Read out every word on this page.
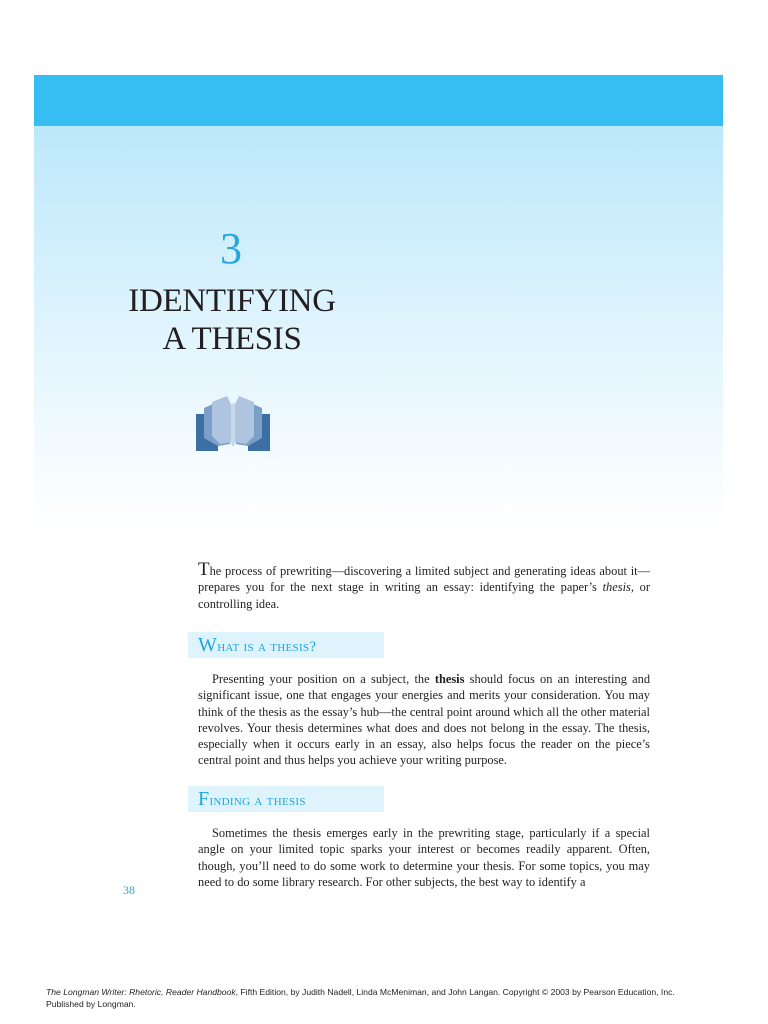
3
IDENTIFYING
A THESIS

The process of prewriting—discovering a limited subject and generating ideas about it—prepares you for the next stage in writing an essay: identifying the paper’s thesis, or controlling idea.

What is a thesis?

Presenting your position on a subject, the thesis should focus on an interesting and significant issue, one that engages your energies and merits your consideration. You may think of the thesis as the essay’s hub—the central point around which all the other material revolves. Your thesis determines what does and does not belong in the essay. The thesis, especially when it occurs early in an essay, also helps focus the reader on the piece’s central point and thus helps you achieve your writing purpose.

Finding a thesis

Sometimes the thesis emerges early in the prewriting stage, particularly if a special angle on your limited topic sparks your interest or becomes readily apparent. Often, though, you’ll need to do some work to determine your thesis. For some topics, you may need to do some library research. For other subjects, the best way to identify a

38
The Longman Writer: Rhetoric, Reader Handbook, Fifth Edition, by Judith Nadell, Linda McMeniman, and John Langan. Copyright © 2003 by Pearson Education, Inc.
Published by Longman.
